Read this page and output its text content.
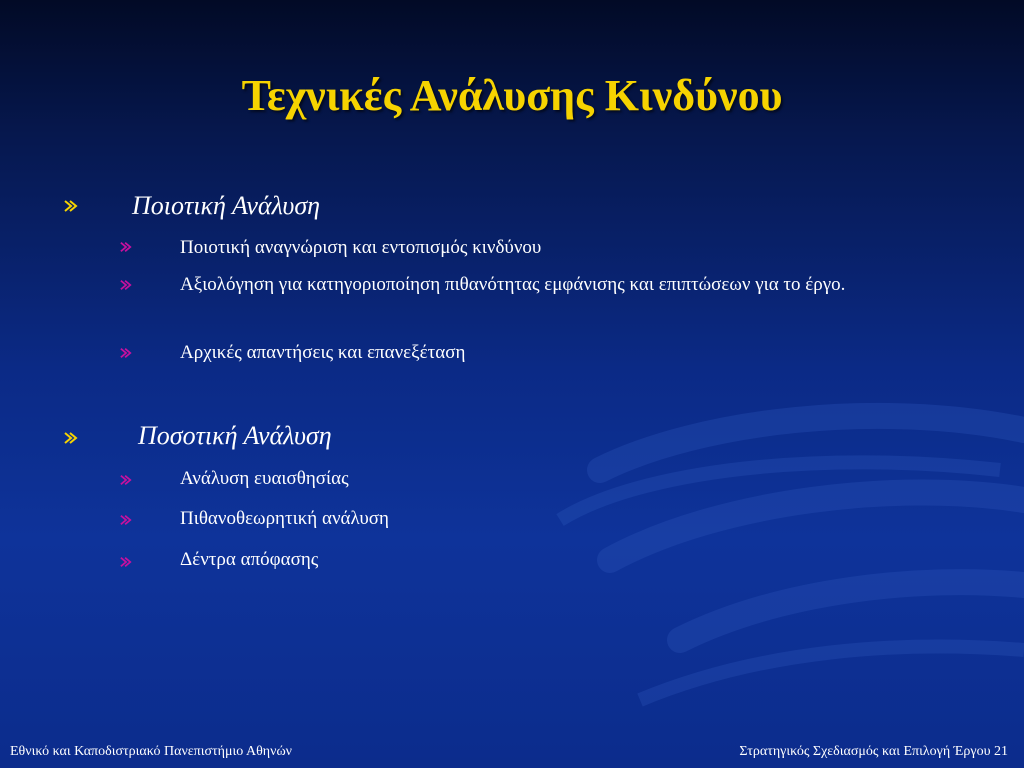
Τεχνικές Ανάλυσης Κινδύνου
Ποιοτική Ανάλυση
Ποιοτική αναγνώριση και εντοπισμός κινδύνου
Αξιολόγηση για κατηγοριοποίηση πιθανότητας εμφάνισης και επιπτώσεων για το έργο.
Αρχικές απαντήσεις και επανεξέταση
Ποσοτική Ανάλυση
Ανάλυση ευαισθησίας
Πιθανοθεωρητική ανάλυση
Δέντρα απόφασης
Εθνικό και Καποδιστριακό Πανεπιστήμιο Αθηνών	Στρατηγικός Σχεδιασμός και Επιλογή Έργου 21
